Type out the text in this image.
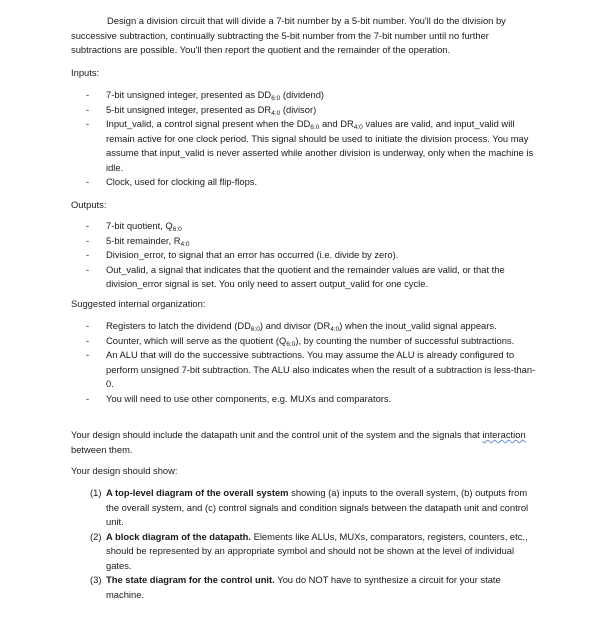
Design a division circuit that will divide a 7-bit number by a 5-bit number. You'll do the division by successive subtraction, continually subtracting the 5-bit number from the 7-bit number until no further subtractions are possible. You'll then report the quotient and the remainder of the operation.

Inputs:

- 7-bit unsigned integer, presented as $DD_{6:0}$ (dividend)
- 5-bit unsigned integer, presented as $DR_{4:0}$ (divisor)
- Input_valid, a control signal present when the $DD_{6:0}$ and $DR_{4:0}$ values are valid, and input_valid will remain active for one clock period. This signal should be used to initiate the division process. You may assume that input_valid is never asserted while another division is underway, only when the machine is idle.
- Clock, used for clocking all flip-flops.

Outputs:

- 7-bit quotient, $Q_{6:0}$
- 5-bit remainder, $R_{4:0}$
- Division_error, to signal that an error has occurred (i.e. divide by zero).
- Out_valid, a signal that indicates that the quotient and the remainder values are valid, or that the division_error signal is set. You only need to assert output_valid for one cycle.

Suggested internal organization:

- Registers to latch the dividend $(DD_{6:0})$ and divisor $(DR_{4:0})$ when the inout_valid signal appears.
- Counter, which will serve as the quotient $(Q_{6:0})$, by counting the number of successful subtractions.
- An ALU that will do the successive subtractions. You may assume the ALU is already configured to perform unsigned 7-bit subtraction. The ALU also indicates when the result of a subtraction is less-than-0.
- You will need to use other components, e.g. MUXs and comparators.

Your design should include the datapath unit and the control unit of the system and the signals that interaction between them.

Your design should show:

(1) A top-level diagram of the overall system showing (a) inputs to the overall system, (b) outputs from the overall system, and (c) control signals and condition signals between the datapath unit and control unit.
(2) A block diagram of the datapath. Elements like ALUs, MUXs, comparators, registers, counters, etc., should be represented by an appropriate symbol and should not be shown at the level of individual gates.
(3) The state diagram for the control unit. You do NOT have to synthesize a circuit for your state machine.
